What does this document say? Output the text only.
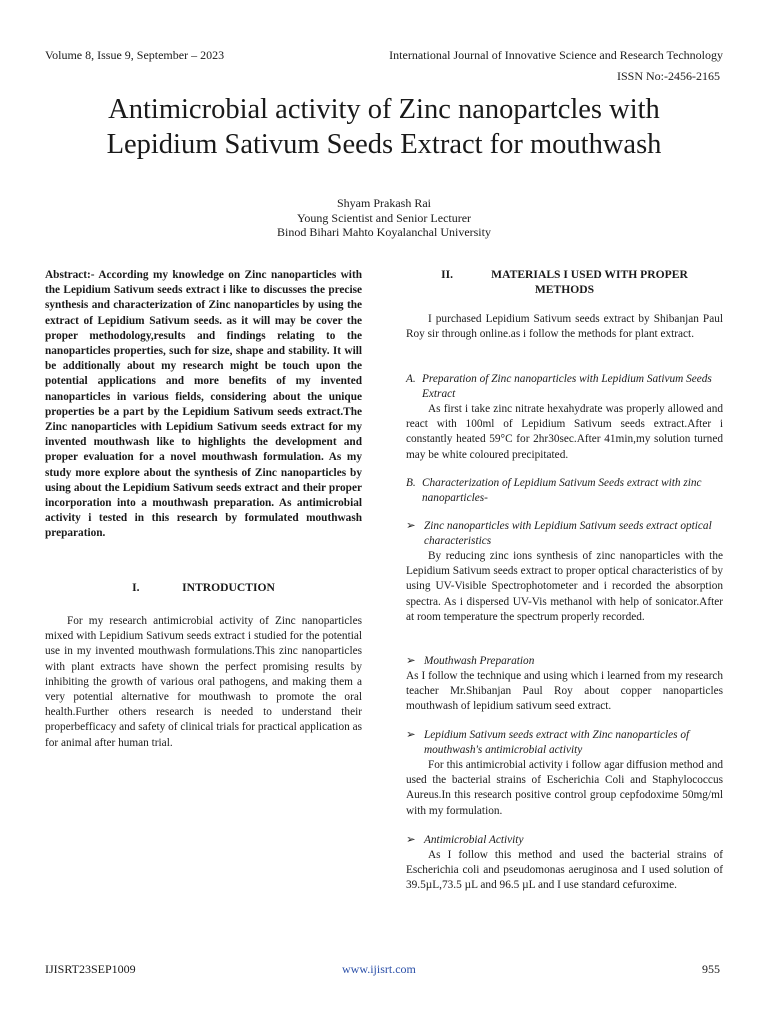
Volume 8, Issue 9, September – 2023	International Journal of Innovative Science and Research Technology
ISSN No:-2456-2165
Antimicrobial activity of Zinc nanopartcles with
Lepidium Sativum Seeds Extract for mouthwash
Shyam Prakash Rai
Young Scientist and Senior Lecturer
Binod Bihari Mahto Koyalanchal University
Abstract:- According my knowledge on Zinc nanoparticles with the Lepidium Sativum seeds extract i like to discusses the precise synthesis and characterization of Zinc nanoparticles by using the extract of Lepidium Sativum seeds. as it will may be cover the proper methodology,results and findings relating to the nanoparticles properties, such for size, shape and stability. It will be additionally about my research might be touch upon the potential applications and more benefits of my invented nanoparticles in various fields, considering about the unique properties be a part by the Lepidium Sativum seeds extract.The Zinc nanoparticles with Lepidium Sativum seeds extract for my invented mouthwash like to highlights the development and proper evaluation for a novel mouthwash formulation. As my study more explore about the synthesis of Zinc nanoparticles by using about the Lepidium Sativum seeds extract and their proper incorporation into a mouthwash preparation. As antimicrobial activity i tested in this research by formulated mouthwash preparation.
I.	INTRODUCTION
For my research antimicrobial activity of Zinc nanoparticles mixed with Lepidium Sativum seeds extract i studied for the potential use in my invented mouthwash formulations.This zinc nanoparticles with plant extracts have shown the perfect promising results by inhibiting the growth of various oral pathogens, and making them a very potential alternative for mouthwash to promote the oral health.Further others research is needed to understand their properbefficacy and safety of clinical trials for practical application as for animal after human trial.
II.	MATERIALS I USED WITH PROPER
METHODS
I purchased Lepidium Sativum seeds extract by Shibanjan Paul Roy sir through online.as i follow the methods for plant extract.
A. Preparation of Zinc nanoparticles with Lepidium Sativum Seeds Extract
As first i take zinc nitrate hexahydrate was properly allowed and react with 100ml of Lepidium Sativum seeds extract.After i constantly heated 59°C for 2hr30sec.After 41min,my solution turned may be white coloured precipitated.
B. Characterization of Lepidium Sativum Seeds extract with zinc nanoparticles-
➢ Zinc nanoparticles with Lepidium Sativum seeds extract optical characteristics
By reducing zinc ions synthesis of zinc nanoparticles with the Lepidium Sativum seeds extract to proper optical characteristics of by using UV-Visible Spectrophotometer and i recorded the absorption spectra. As i dispersed UV-Vis methanol with help of sonicator.After at room temperature the spectrum properly recorded.
➢ Mouthwash Preparation
As I follow the technique and using which i learned from my research teacher Mr.Shibanjan Paul Roy about copper nanoparticles mouthwash of lepidium sativum seed extract.
➢ Lepidium Sativum seeds extract with Zinc nanoparticles of mouthwash's antimicrobial activity
For this antimicrobial activity i follow agar diffusion method and used the bacterial strains of Escherichia Coli and Staphylococcus Aureus.In this research positive control group cepfodoxime 50mg/ml with my formulation.
➢ Antimicrobial Activity
As I follow this method and used the bacterial strains of Escherichia coli and pseudomonas aeruginosa and I used solution of 39.5µL,73.5 µL and 96.5 µL and I use standard cefuroxime.
IJISRT23SEP1009	www.ijisrt.com	955
